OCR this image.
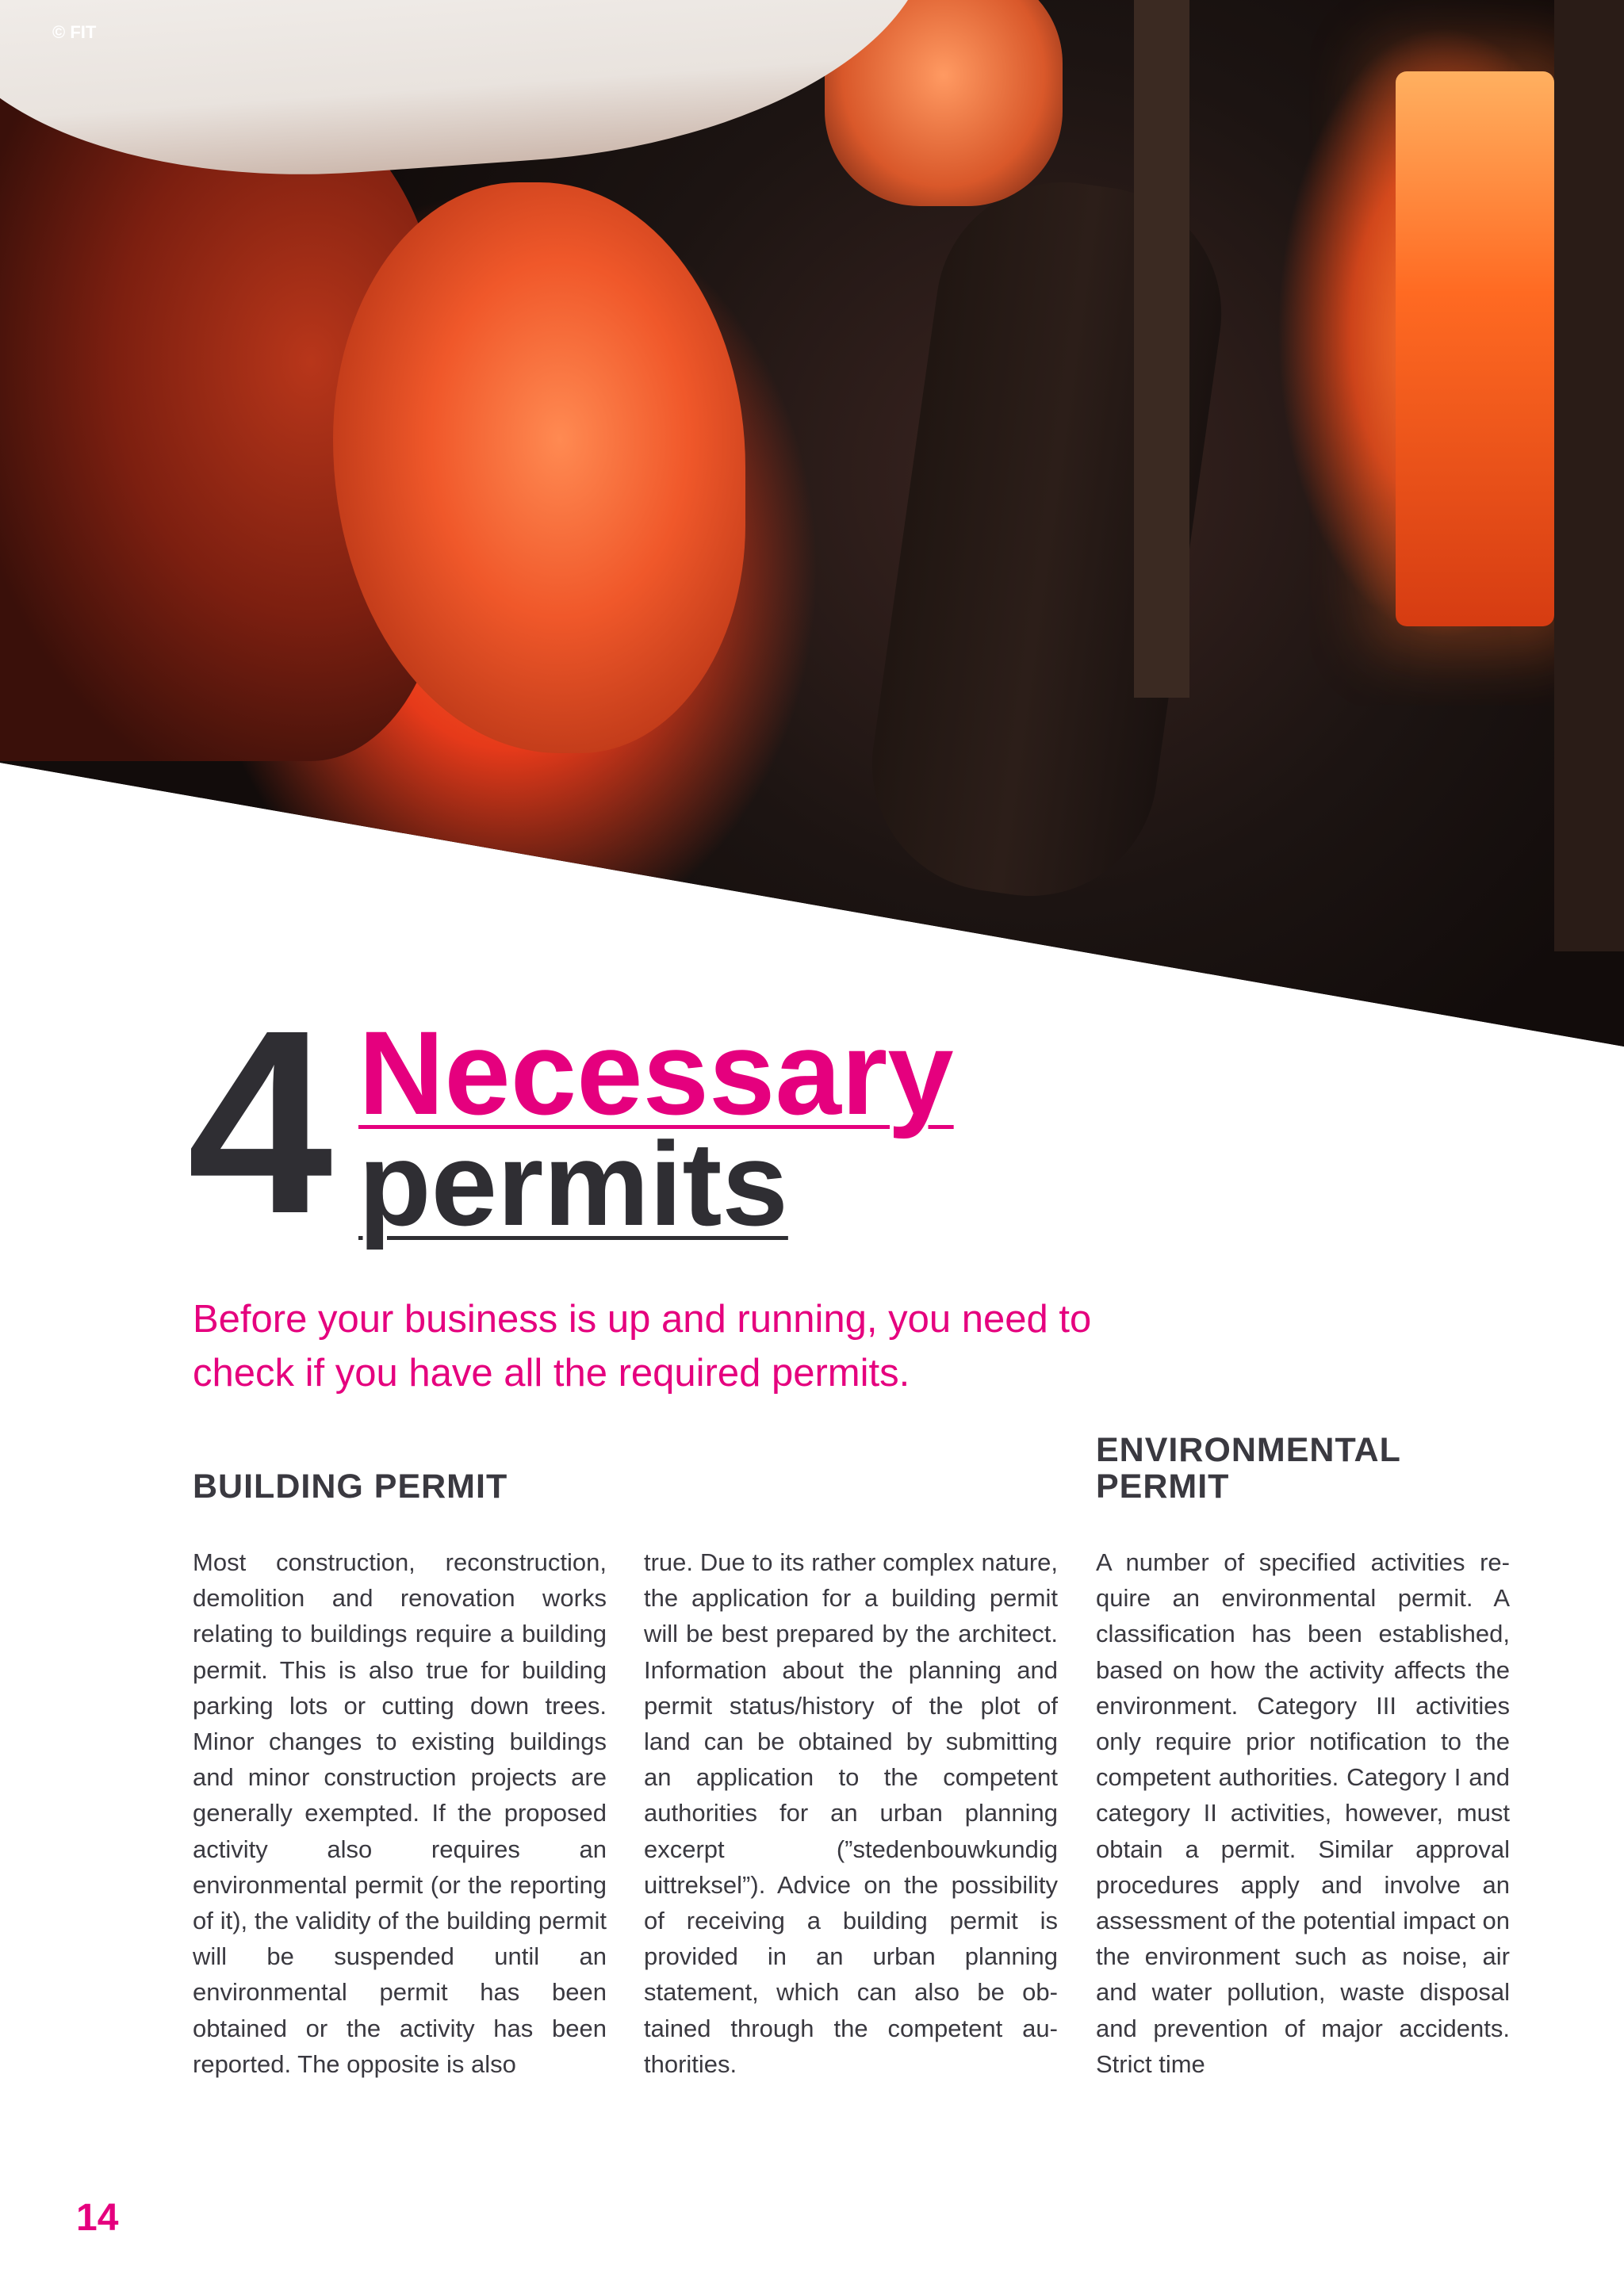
© FIT
4 Necessary
permits
Before your business is up and running, you need to check if you have all the required permits.
BUILDING PERMIT
ENVIRONMENTAL PERMIT
Most construction, reconstruction, demolition and renovation works relating to buildings require a building permit. This is also true for building parking lots or cutting down trees. Minor changes to existing buildings and minor construction projects are generally exempted. If the proposed activity also requires an environmental permit (or the reporting of it), the validity of the building permit will be suspended until an environmental permit has been obtained or the activity has been reported. The opposite is also
true. Due to its rather complex nature, the application for a building permit will be best prepared by the architect. Information about the planning and permit status/history of the plot of land can be obtained by submitting an application to the competent authorities for an urban planning excerpt (”stedenbouwkundig uittreksel”). Advice on the possibility of receiving a building permit is provided in an urban planning statement, which can also be obtained through the competent authorities.
A number of specified activities require an environmental permit. A classification has been established, based on how the activity affects the environment. Category III activities only require prior notification to the competent authorities. Category I and category II activities, however, must obtain a permit. Similar approval procedures apply and involve an assessment of the potential impact on the environment such as noise, air and water pollution, waste disposal and prevention of major accidents. Strict time
14
